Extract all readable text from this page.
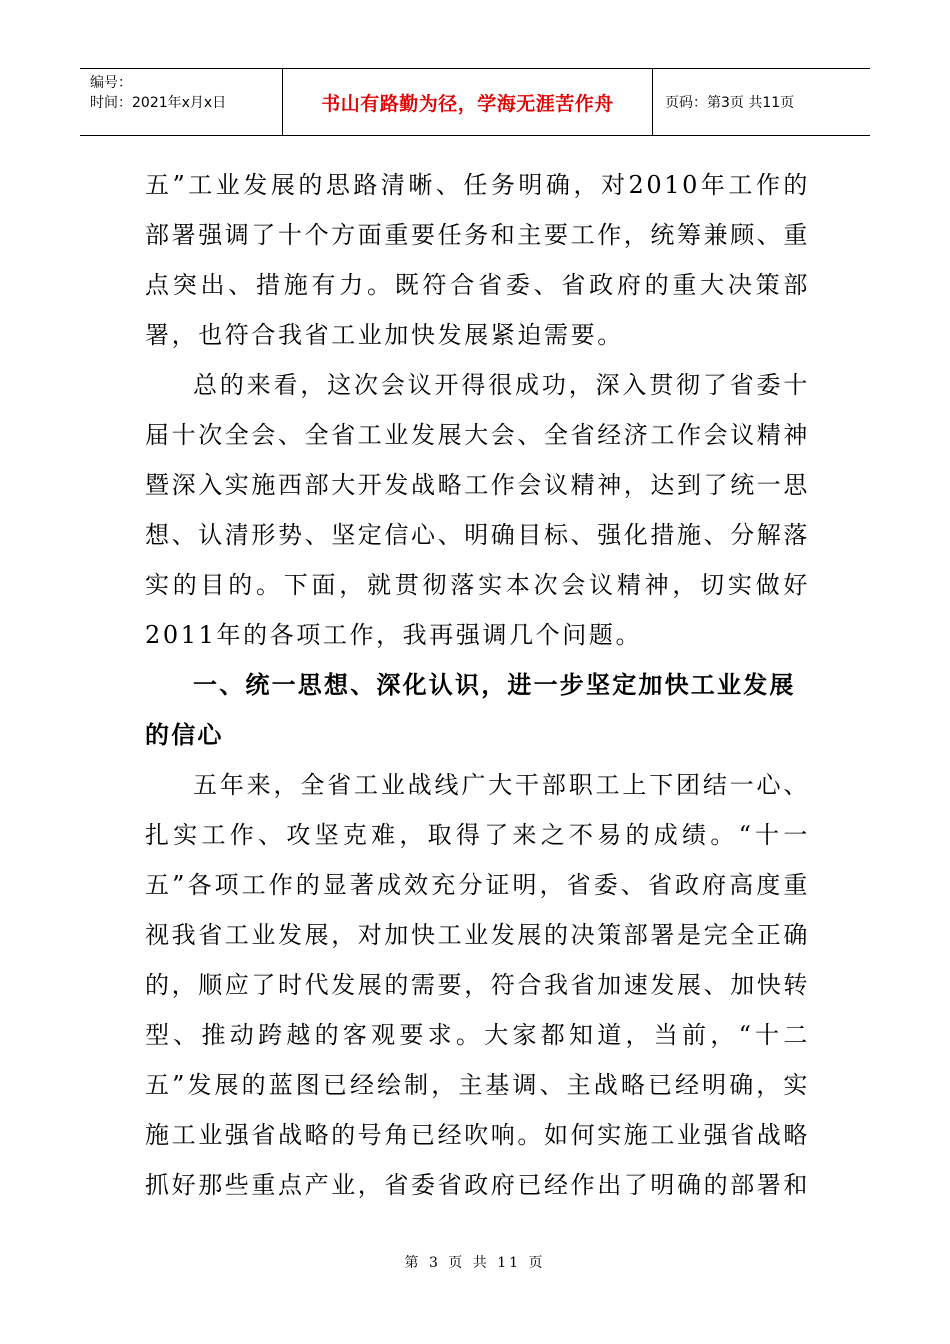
编号：
时间：2021年x月x日	书山有路勤为径，学海无涯苦作舟	页码：第3页 共11页

五”工业发展的思路清晰、任务明确，对2010年工作的部署强调了十个方面重要任务和主要工作，统筹兼顾、重点突出、措施有力。既符合省委、省政府的重大决策部署，也符合我省工业加快发展紧迫需要。

总的来看，这次会议开得很成功，深入贯彻了省委十届十次全会、全省工业发展大会、全省经济工作会议精神暨深入实施西部大开发战略工作会议精神，达到了统一思想、认清形势、坚定信心、明确目标、强化措施、分解落实的目的。下面，就贯彻落实本次会议精神，切实做好2011年的各项工作，我再强调几个问题。

一、统一思想、深化认识，进一步坚定加快工业发展的信心

五年来，全省工业战线广大干部职工上下团结一心、扎实工作、攻坚克难，取得了来之不易的成绩。“十一五”各项工作的显著成效充分证明，省委、省政府高度重视我省工业发展，对加快工业发展的决策部署是完全正确的，顺应了时代发展的需要，符合我省加速发展、加快转型、推动跨越的客观要求。大家都知道，当前，“十二五”发展的蓝图已经绘制，主基调、主战略已经明确，实施工业强省战略的号角已经吹响。如何实施工业强省战略抓好那些重点产业，省委省政府已经作出了明确的部署和

第 3 页 共 11 页
